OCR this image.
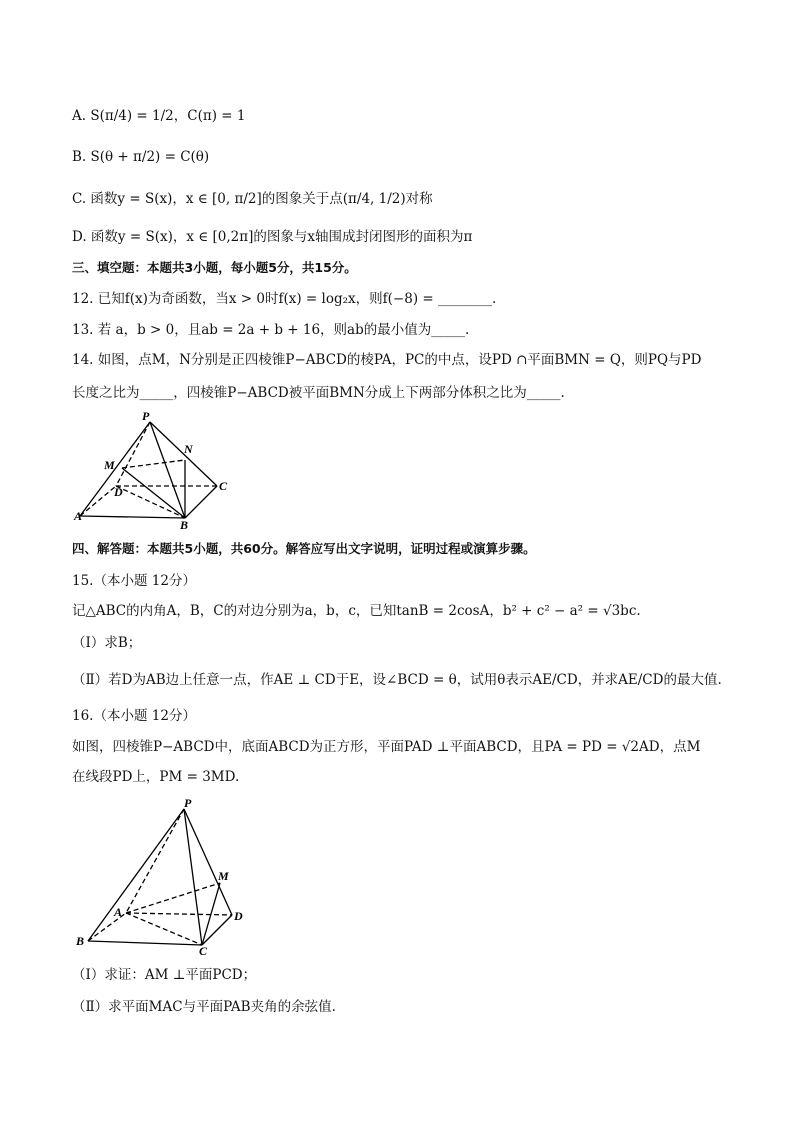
A. S(π/4) = 1/2，C(π) = 1
B. S(θ + π/2) = C(θ)
C. 函数y = S(x)，x ∈ [0, π/2]的图象关于点(π/4, 1/2)对称
D. 函数y = S(x)，x ∈ [0,2π]的图象与x轴围成封闭图形的面积为π
三、填空题：本题共3小题，每小题5分，共15分。
12. 已知f(x)为奇函数，当x > 0时f(x) = log₂x，则f(−8) = ________.
13. 若 a，b > 0，且ab = 2a + b + 16，则ab的最小值为_____.
14. 如图，点M，N分别是正四棱锥P−ABCD的棱PA，PC的中点，设PD ∩平面BMN = Q，则PQ与PD
长度之比为_____，四棱锥P−ABCD被平面BMN分成上下两部分体积之比为_____.
P
N
M
D	C
A
B
四、解答题：本题共5小题，共60分。解答应写出文字说明，证明过程或演算步骤。
15.（本小题 12分）
记△ABC的内角A，B，C的对边分别为a，b，c，已知tanB = 2cosA，b² + c² − a² = √3bc.
（Ⅰ）求B；
（Ⅱ）若D为AB边上任意一点，作AE ⊥ CD于E，设∠BCD = θ，试用θ表示AE/CD，并求AE/CD的最大值.
16.（本小题 12分）
如图，四棱锥P−ABCD中，底面ABCD为正方形，平面PAD ⊥平面ABCD，且PA = PD = √2AD，点M
在线段PD上，PM = 3MD.
P
M
A	D
B
C
（Ⅰ）求证：AM ⊥平面PCD；
（Ⅱ）求平面MAC与平面PAB夹角的余弦值.
